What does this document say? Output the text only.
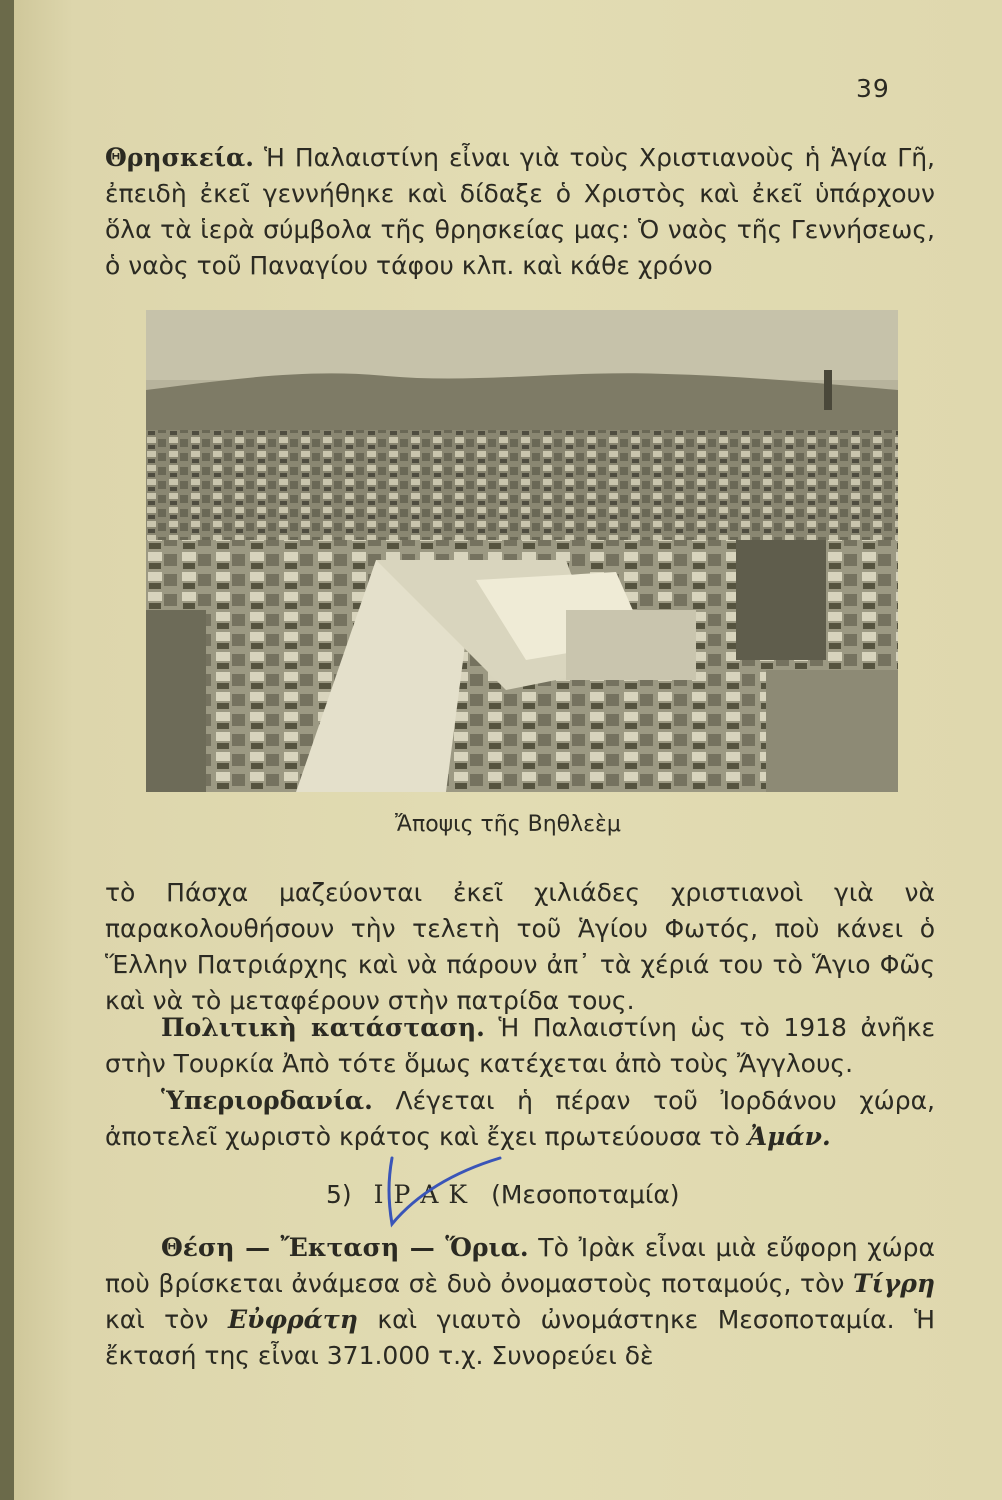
39
Θρησκεία. Ἡ Παλαιστίνη εἶναι γιὰ τοὺς Χριστιανοὺς ἡ Ἁγία Γῆ, ἐπειδὴ ἐκεῖ γεννήθηκε καὶ δίδαξε ὁ Χριστὸς καὶ ἐκεῖ ὑπάρχουν ὅλα τὰ ἱερὰ σύμβολα τῆς θρησκείας μας: Ὁ ναὸς τῆς Γεννήσεως, ὁ ναὸς τοῦ Παναγίου τάφου κλπ. καὶ κάθε χρόνο
Ἄποψις τῆς Βηθλεὲμ
τὸ Πάσχα μαζεύονται ἐκεῖ χιλιάδες χριστιανοὶ γιὰ νὰ παρακολουθήσουν τὴν τελετὴ τοῦ Ἁγίου Φωτός, ποὺ κάνει ὁ Ἕλλην Πατριάρχης καὶ νὰ πάρουν ἀπ᾽ τὰ χέριά του τὸ Ἅγιο Φῶς καὶ νὰ τὸ μεταφέρουν στὴν πατρίδα τους.
Πολιτικὴ κατάσταση. Ἡ Παλαιστίνη ὡς τὸ 1918 ἀνῆκε στὴν Τουρκία Ἀπὸ τότε ὅμως κατέχεται ἀπὸ τοὺς Ἄγγλους.
Ὑπεριορδανία. Λέγεται ἡ πέραν τοῦ Ἰορδάνου χώρα, ἀποτελεῖ χωριστὸ κράτος καὶ ἔχει πρωτεύουσα τὸ Ἀμάν.
5) ΙΡΑΚ (Μεσοποταμία)
Θέση — Ἔκταση — Ὅρια. Τὸ Ἰρὰκ εἶναι μιὰ εὔφορη χώρα ποὺ βρίσκεται ἀνάμεσα σὲ δυὸ ὀνομαστοὺς ποταμούς, τὸν Τίγρη καὶ τὸν Εὐφράτη καὶ γιαυτὸ ὠνομάστηκε Μεσοποταμία. Ἡ ἔκτασή της εἶναι 371.000 τ.χ. Συνορεύει δὲ
